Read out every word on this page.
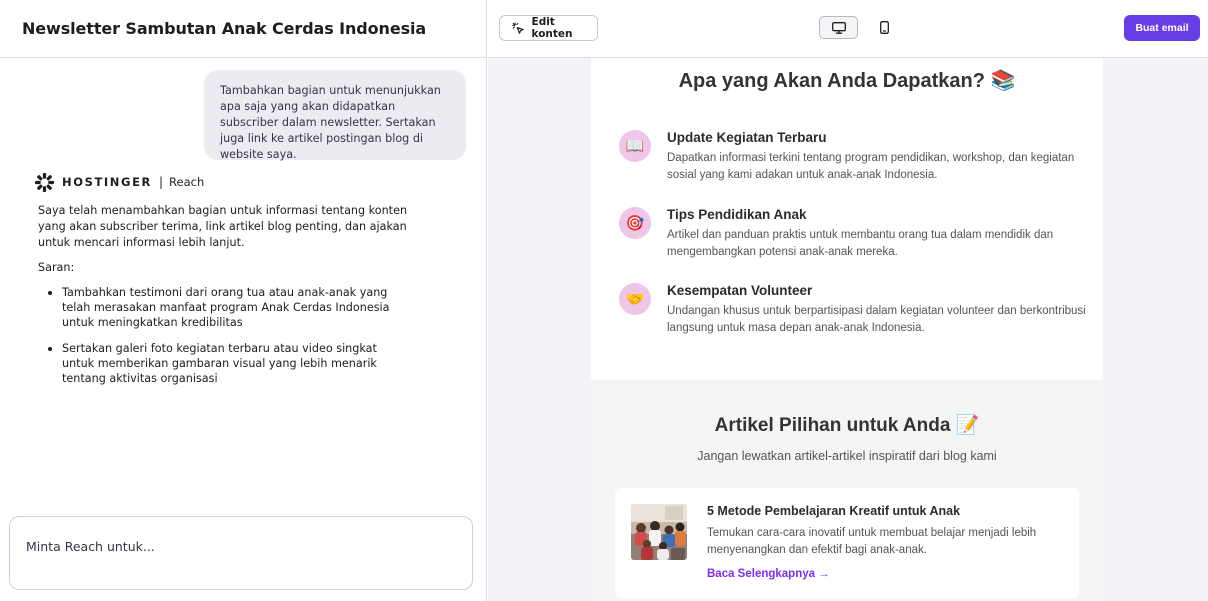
Newsletter Sambutan Anak Cerdas Indonesia
Tambahkan bagian untuk menunjukkan apa saja yang akan didapatkan subscriber dalam newsletter. Sertakan juga link ke artikel postingan blog di website saya.
HOSTINGER | Reach

Saya telah menambahkan bagian untuk informasi tentang konten yang akan subscriber terima, link artikel blog penting, dan ajakan untuk mencari informasi lebih lanjut.

Saran:

Tambahkan testimoni dari orang tua atau anak-anak yang telah merasakan manfaat program Anak Cerdas Indonesia untuk meningkatkan kredibilitas
Sertakan galeri foto kegiatan terbaru atau video singkat untuk memberikan gambaran visual yang lebih menarik tentang aktivitas organisasi
Minta Reach untuk...
Edit konten	Buat email
Apa yang Akan Anda Dapatkan? 📚
📖	Update Kegiatan Terbaru
Dapatkan informasi terkini tentang program pendidikan, workshop, dan kegiatan sosial yang kami adakan untuk anak-anak Indonesia.
🎯	Tips Pendidikan Anak
Artikel dan panduan praktis untuk membantu orang tua dalam mendidik dan mengembangkan potensi anak-anak mereka.
🤝	Kesempatan Volunteer
Undangan khusus untuk berpartisipasi dalam kegiatan volunteer dan berkontribusi langsung untuk masa depan anak-anak Indonesia.
Artikel Pilihan untuk Anda 📝
Jangan lewatkan artikel-artikel inspiratif dari blog kami
5 Metode Pembelajaran Kreatif untuk Anak
Temukan cara-cara inovatif untuk membuat belajar menjadi lebih menyenangkan dan efektif bagi anak-anak.
Baca Selengkapnya →
